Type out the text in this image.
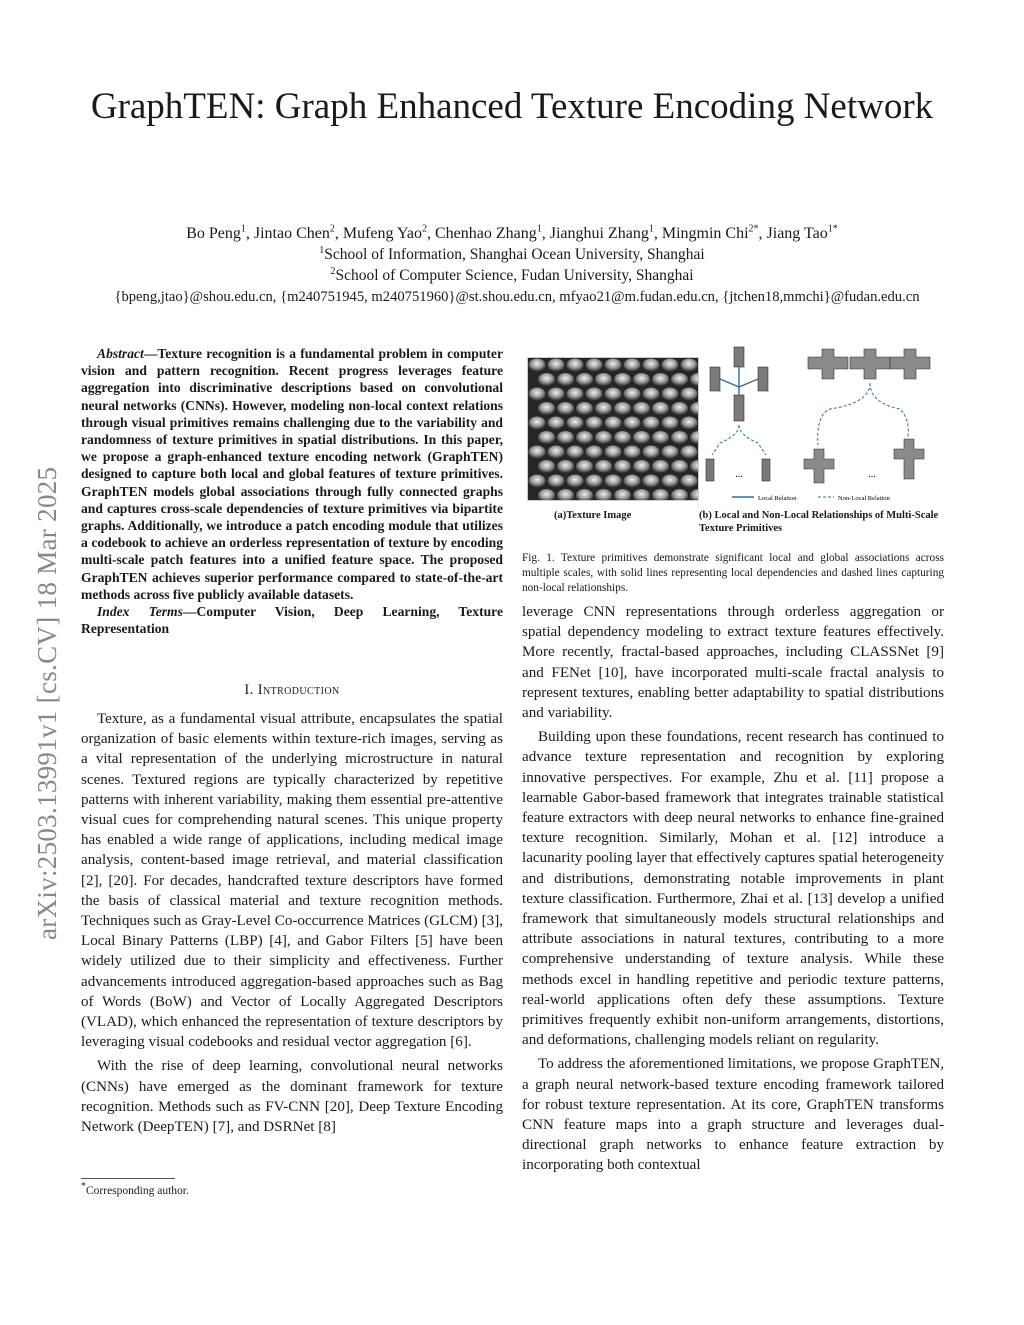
GraphTEN: Graph Enhanced Texture Encoding Network
Bo Peng$^1$, Jintao Chen$^2$, Mufeng Yao$^2$, Chenhao Zhang$^1$, Jianghui Zhang$^1$, Mingmin Chi$^{2*}$, Jiang Tao$^{1*}$
$^1$School of Information, Shanghai Ocean University, Shanghai
$^2$School of Computer Science, Fudan University, Shanghai
{bpeng,jtao}@shou.edu.cn, {m240751945, m240751960}@st.shou.edu.cn, mfyao21@m.fudan.edu.cn, {jtchen18,mmchi}@fudan.edu.cn
arXiv:2503.13991v1 [cs.CV] 18 Mar 2025
Abstract—Texture recognition is a fundamental problem in computer vision and pattern recognition. Recent progress leverages feature aggregation into discriminative descriptions based on convolutional neural networks (CNNs). However, modeling non-local context relations through visual primitives remains challenging due to the variability and randomness of texture primitives in spatial distributions. In this paper, we propose a graph-enhanced texture encoding network (GraphTEN) designed to capture both local and global features of texture primitives. GraphTEN models global associations through fully connected graphs and captures cross-scale dependencies of texture primitives via bipartite graphs. Additionally, we introduce a patch encoding module that utilizes a codebook to achieve an orderless representation of texture by encoding multi-scale patch features into a unified feature space. The proposed GraphTEN achieves superior performance compared to state-of-the-art methods across five publicly available datasets.
Index Terms—Computer Vision, Deep Learning, Texture Representation
I. Introduction

Texture, as a fundamental visual attribute, encapsulates the spatial organization of basic elements within texture-rich images, serving as a vital representation of the underlying microstructure in natural scenes. Textured regions are typically characterized by repetitive patterns with inherent variability, making them essential pre-attentive visual cues for comprehending natural scenes. This unique property has enabled a wide range of applications, including medical image analysis, content-based image retrieval, and material classification [2], [20]. For decades, handcrafted texture descriptors have formed the basis of classical material and texture recognition methods. Techniques such as Gray-Level Co-occurrence Matrices (GLCM) [3], Local Binary Patterns (LBP) [4], and Gabor Filters [5] have been widely utilized due to their simplicity and effectiveness. Further advancements introduced aggregation-based approaches such as Bag of Words (BoW) and Vector of Locally Aggregated Descriptors (VLAD), which enhanced the representation of texture descriptors by leveraging visual codebooks and residual vector aggregation [6].

With the rise of deep learning, convolutional neural networks (CNNs) have emerged as the dominant framework for texture recognition. Methods such as FV-CNN [20], Deep Texture Encoding Network (DeepTEN) [7], and DSRNet [8]

*Corresponding author.
(a)Texture Image
...	...
Local Relation	Non-Local Relation
(b) Local and Non-Local Relationships of Multi-Scale Texture Primitives
Fig. 1. Texture primitives demonstrate significant local and global associations across multiple scales, with solid lines representing local dependencies and dashed lines capturing non-local relationships.

leverage CNN representations through orderless aggregation or spatial dependency modeling to extract texture features effectively. More recently, fractal-based approaches, including CLASSNet [9] and FENet [10], have incorporated multi-scale fractal analysis to represent textures, enabling better adaptability to spatial distributions and variability.

Building upon these foundations, recent research has continued to advance texture representation and recognition by exploring innovative perspectives. For example, Zhu et al. [11] propose a learnable Gabor-based framework that integrates trainable statistical feature extractors with deep neural networks to enhance fine-grained texture recognition. Similarly, Mohan et al. [12] introduce a lacunarity pooling layer that effectively captures spatial heterogeneity and distributions, demonstrating notable improvements in plant texture classification. Furthermore, Zhai et al. [13] develop a unified framework that simultaneously models structural relationships and attribute associations in natural textures, contributing to a more comprehensive understanding of texture analysis. While these methods excel in handling repetitive and periodic texture patterns, real-world applications often defy these assumptions. Texture primitives frequently exhibit non-uniform arrangements, distortions, and deformations, challenging models reliant on regularity.

To address the aforementioned limitations, we propose GraphTEN, a graph neural network-based texture encoding framework tailored for robust texture representation. At its core, GraphTEN transforms CNN feature maps into a graph structure and leverages dual-directional graph networks to enhance feature extraction by incorporating both contextual
